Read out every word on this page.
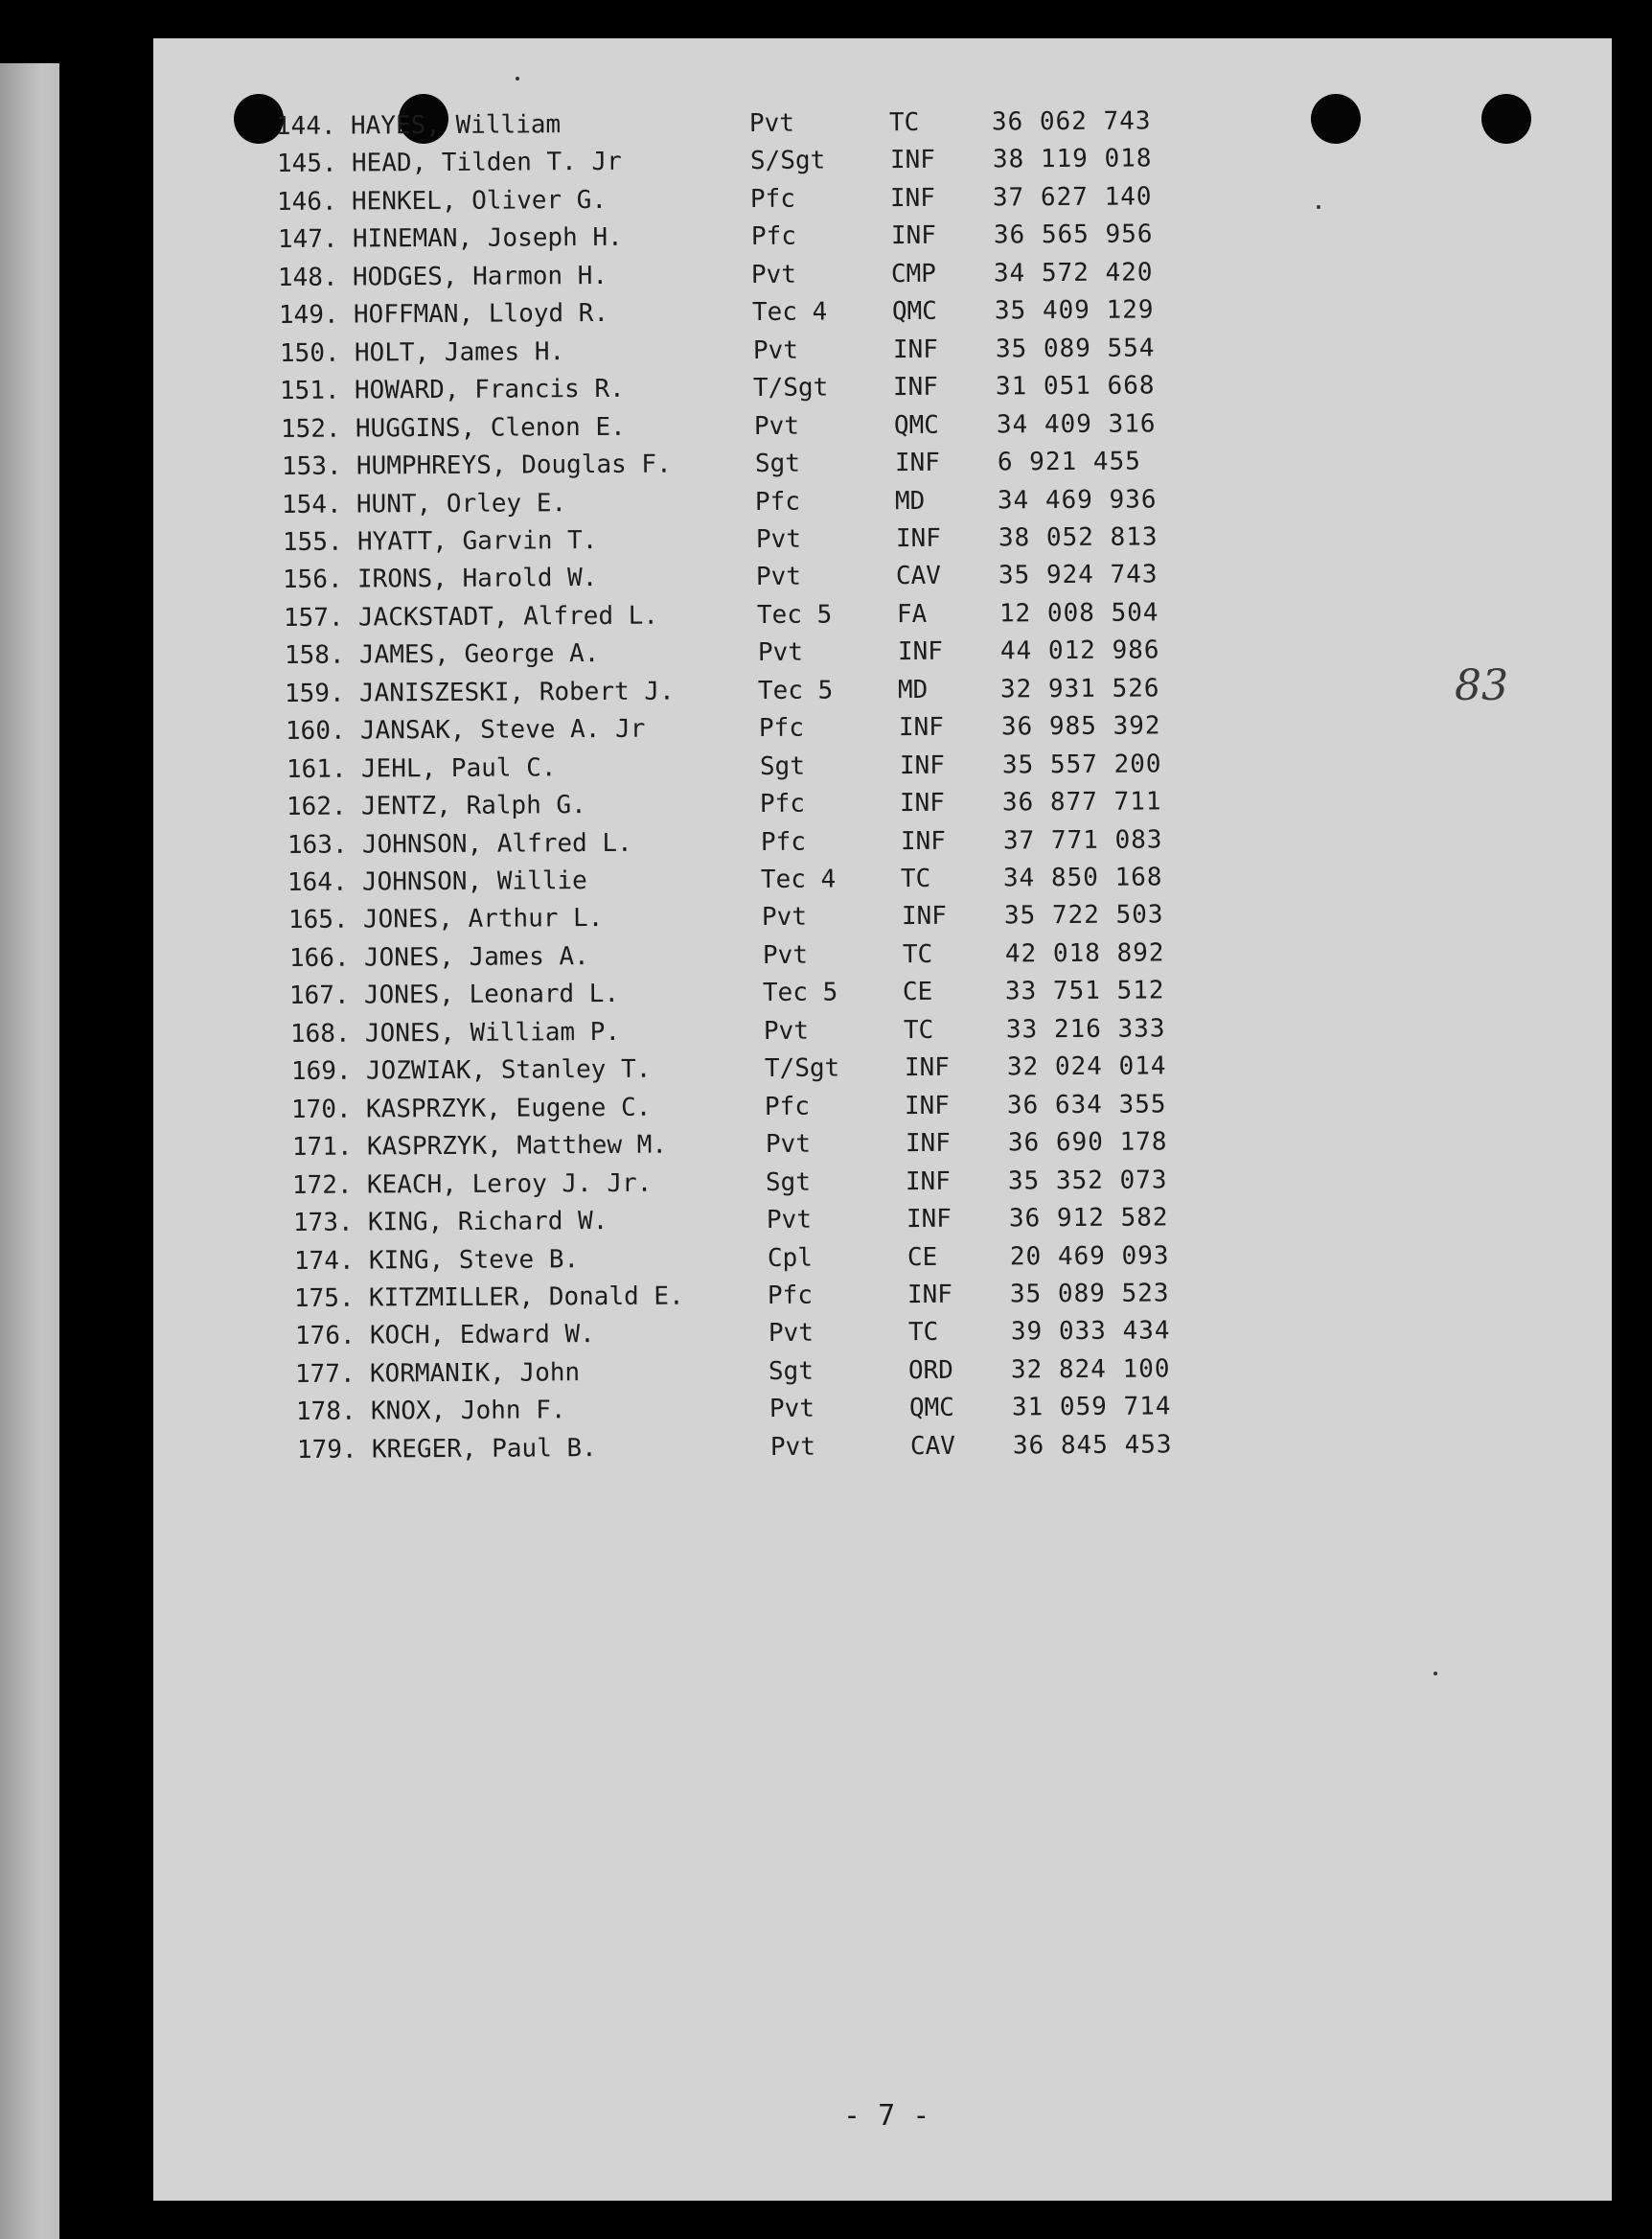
144. HAYES, William	Pvt	TC	36 062 743
145. HEAD, Tilden T. Jr	S/Sgt	INF 38 119 018
146. HENKEL, Oliver G.	Pfc	INF 37 627 140
147. HINEMAN, Joseph H.	Pfc	INF 36 565 956
148. HODGES, Harmon H.	Pvt	CMP 34 572 420
149. HOFFMAN, Lloyd R.	Tec 4	QMC 35 409 129
150. HOLT, James H.	Pvt	INF 35 089 554
151. HOWARD, Francis R.	T/Sgt	INF 31 051 668
152. HUGGINS, Clenon E.	Pvt	QMC 34 409 316
153. HUMPHREYS, Douglas F.	Sgt	INF 6 921 455
154. HUNT, Orley E.	Pfc	MD	34 469 936
155. HYATT, Garvin T.	Pvt	INF 38 052 813
156. IRONS, Harold W.	Pvt	CAV 35 924 743
157. JACKSTADT, Alfred L.	Tec 5	FA	12 008 504
158. JAMES, George A.	Pvt	INF 44 012 986
159. JANISZESKI, Robert J.	Tec 5	MD	32 931 526
160. JANSAK, Steve A. Jr	Pfc	INF 36 985 392
161. JEHL, Paul C.	Sgt	INF 35 557 200
162. JENTZ, Ralph G.	Pfc	INF 36 877 711
163. JOHNSON, Alfred L.	Pfc	INF 37 771 083
164. JOHNSON, Willie	Tec 4	TC	34 850 168
165. JONES, Arthur L.	Pvt	INF 35 722 503
166. JONES, James A.	Pvt	TC	42 018 892
167. JONES, Leonard L.	Tec 5	CE	33 751 512
168. JONES, William P.	Pvt	TC	33 216 333
169. JOZWIAK, Stanley T.	T/Sgt	INF 32 024 014
170. KASPRZYK, Eugene C.	Pfc	INF 36 634 355
171. KASPRZYK, Matthew M.	Pvt	INF 36 690 178
172. KEACH, Leroy J. Jr.	Sgt	INF 35 352 073
173. KING, Richard W.	Pvt	INF 36 912 582
174. KING, Steve B.	Cpl	CE	20 469 093
175. KITZMILLER, Donald E.	Pfc	INF 35 089 523
176. KOCH, Edward W.	Pvt	TC	39 033 434
177. KORMANIK, John	Sgt	ORD 32 824 100
178. KNOX, John F.	Pvt	QMC 31 059 714
179. KREGER, Paul B.	Pvt	CAV 36 845 453
83
- 7 -
